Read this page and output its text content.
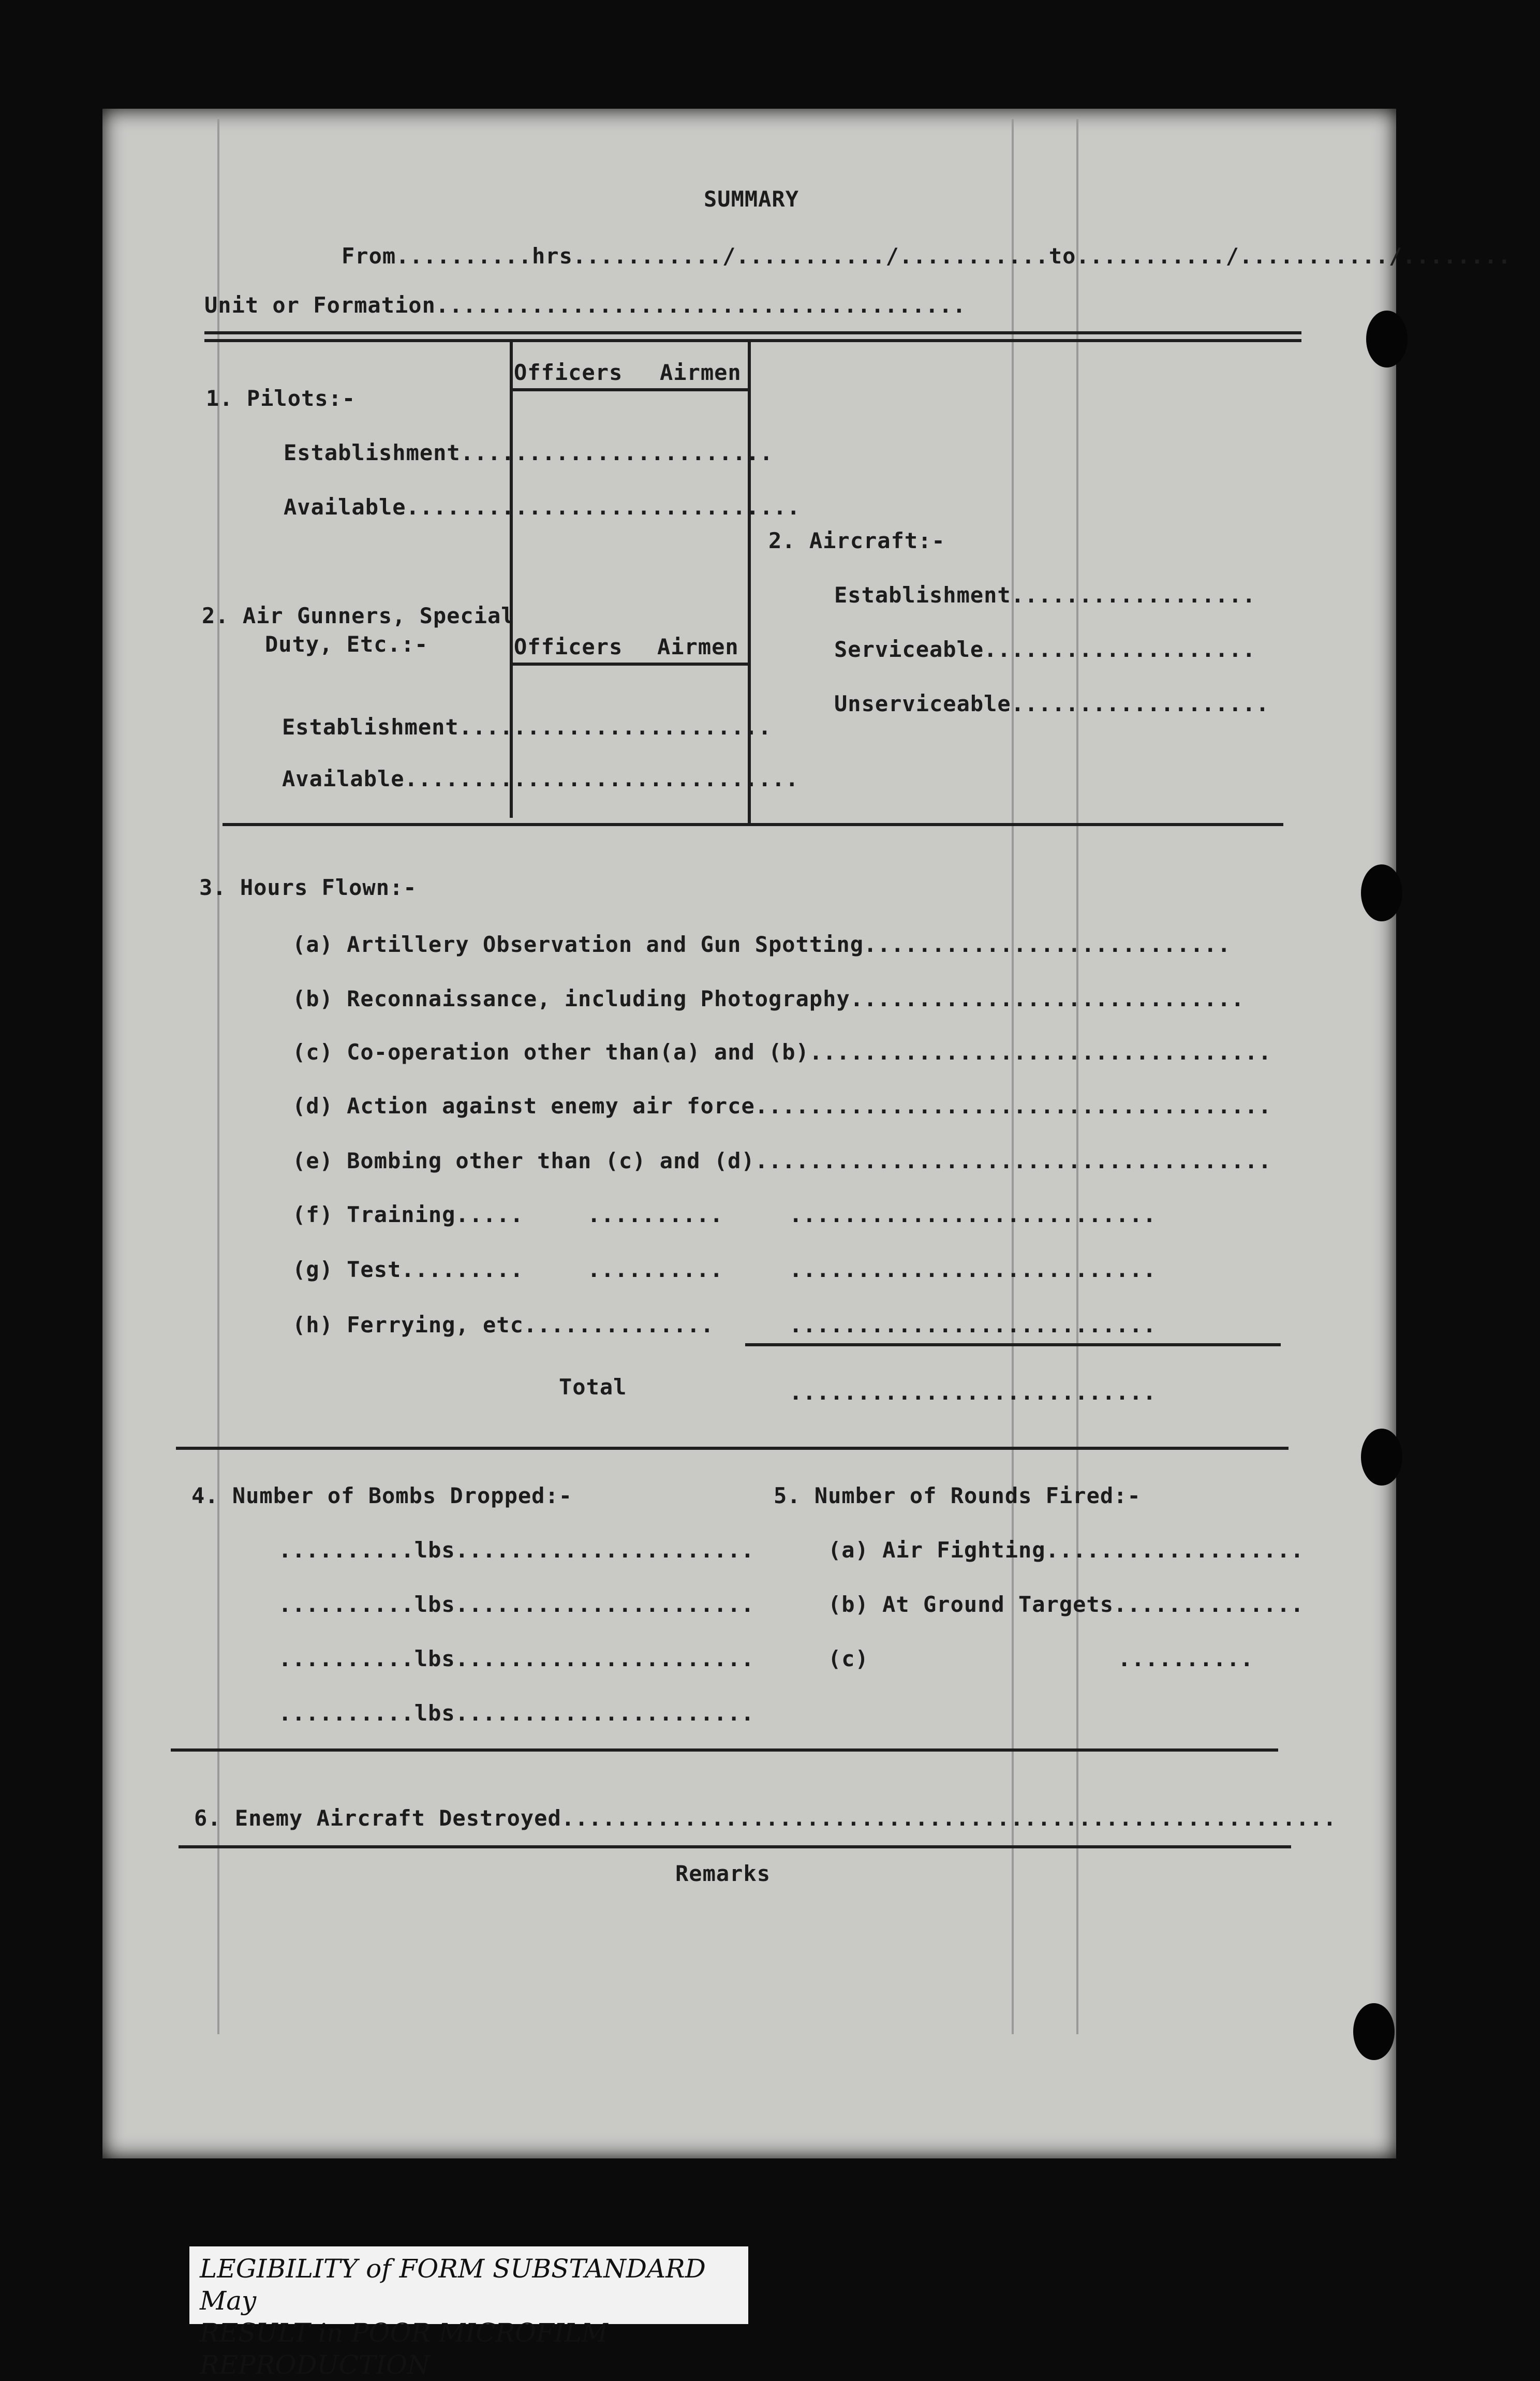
SUMMARY
From..........hrs.........../.........../...........to.........../.........../........
Unit or Formation.......................................
Officers Airmen
1. Pilots:-
Establishment.......................
Available.............................
2. Air Gunners, Special
Duty, Etc.:-	Officers Airmen
Establishment.......................
Available.............................
2. Aircraft:-
Establishment..................
Serviceable....................
Unserviceable...................
3. Hours Flown:-
(a) Artillery Observation and Gun Spotting...........................
(b) Reconnaissance, including Photography.............................
(c) Co-operation other than(a) and (b)..................................
(d) Action against enemy air force......................................
(e) Bombing other than (c) and (d)......................................
(f) Training.....	..........	...........................
(g) Test.........	..........	...........................
(h) Ferrying, etc..............	...........................
Total	...........................
4. Number of Bombs Dropped:-
..........lbs......................
..........lbs......................
..........lbs......................
..........lbs......................
5. Number of Rounds Fired:-
(a) Air Fighting...................
(b) At Ground Targets..............
(c)	..........
6. Enemy Aircraft Destroyed.........................................................
Remarks
LEGIBILITY of FORM SUBSTANDARD May
RESULT in POOR MICROFILM REPRODUCTION
